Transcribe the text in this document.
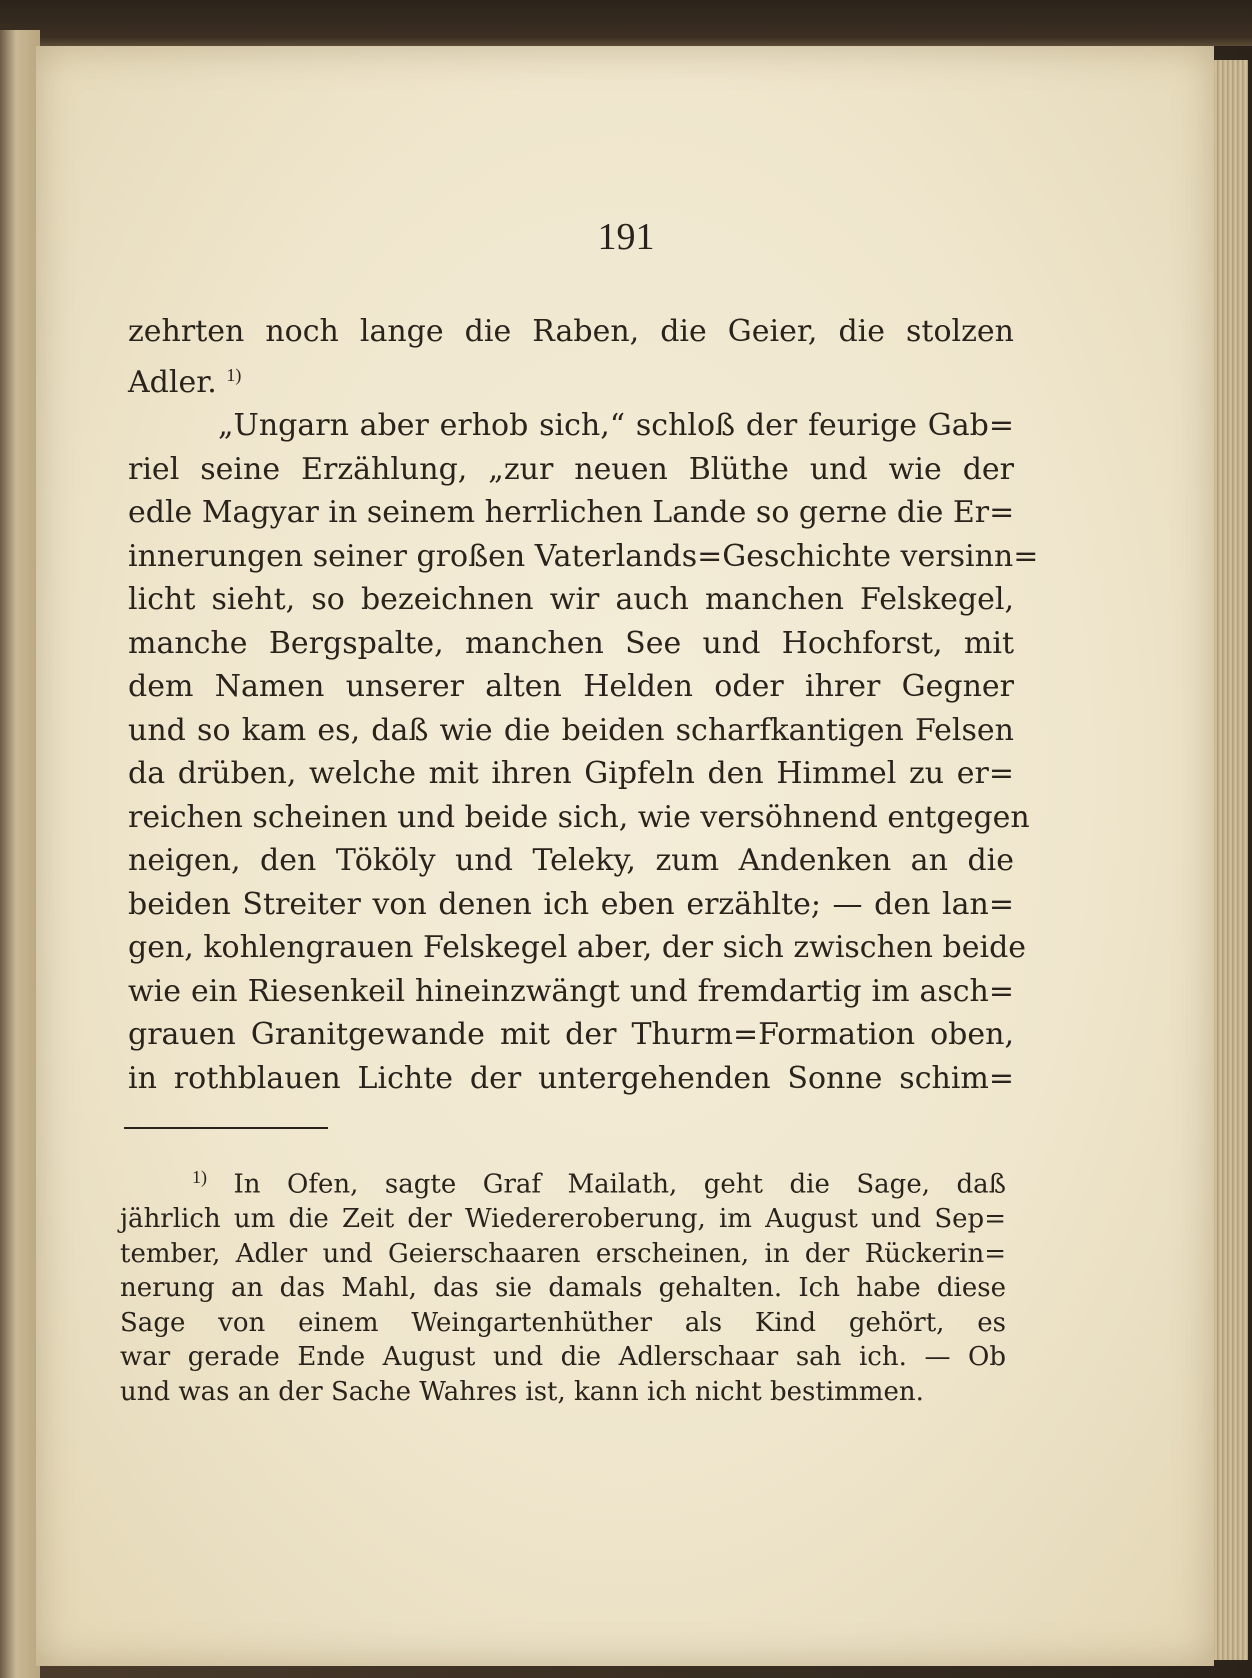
191
zehrten noch lange die Raben, die Geier, die stolzen
Adler. $^{1)}$
„Ungarn aber erhob sich,“ schloß der feurige Gab=
riel seine Erzählung, „zur neuen Blüthe und wie der
edle Magyar in seinem herrlichen Lande so gerne die Er=
innerungen seiner großen Vaterlands=Geschichte versinn=
licht sieht, so bezeichnen wir auch manchen Felskegel,
manche Bergspalte, manchen See und Hochforst, mit
dem Namen unserer alten Helden oder ihrer Gegner
und so kam es, daß wie die beiden scharfkantigen Felsen
da drüben, welche mit ihren Gipfeln den Himmel zu er=
reichen scheinen und beide sich, wie versöhnend entgegen
neigen, den Tököly und Teleky, zum Andenken an die
beiden Streiter von denen ich eben erzählte; — den lan=
gen, kohlengrauen Felskegel aber, der sich zwischen beide
wie ein Riesenkeil hineinzwängt und fremdartig im asch=
grauen Granitgewande mit der Thurm=Formation oben,
in rothblauen Lichte der untergehenden Sonne schim=
$^{1)}$ In Ofen, sagte Graf Mailath, geht die Sage, daß
jährlich um die Zeit der Wiedereroberung, im August und Sep=
tember, Adler und Geierschaaren erscheinen, in der Rückerin=
nerung an das Mahl, das sie damals gehalten. Ich habe diese
Sage von einem Weingartenhüther als Kind gehört, es
war gerade Ende August und die Adlerschaar sah ich. — Ob
und was an der Sache Wahres ist, kann ich nicht bestimmen.
